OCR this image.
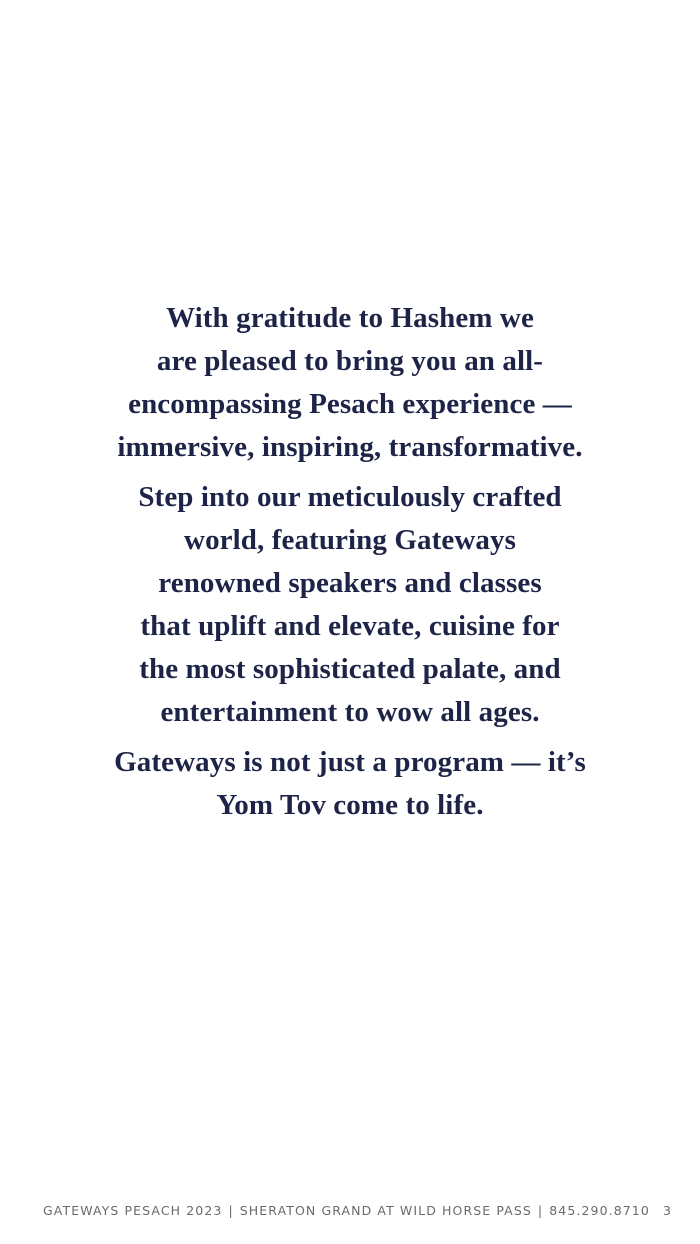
With gratitude to Hashem we
are pleased to bring you an all-
encompassing Pesach experience —
immersive, inspiring, transformative.

Step into our meticulously crafted
world, featuring Gateways
renowned speakers and classes
that uplift and elevate, cuisine for
the most sophisticated palate, and
entertainment to wow all ages.

Gateways is not just a program — it’s
Yom Tov come to life.

GATEWAYS PESACH 2023 | SHERATON GRAND AT WILD HORSE PASS | 845.290.8710 3
